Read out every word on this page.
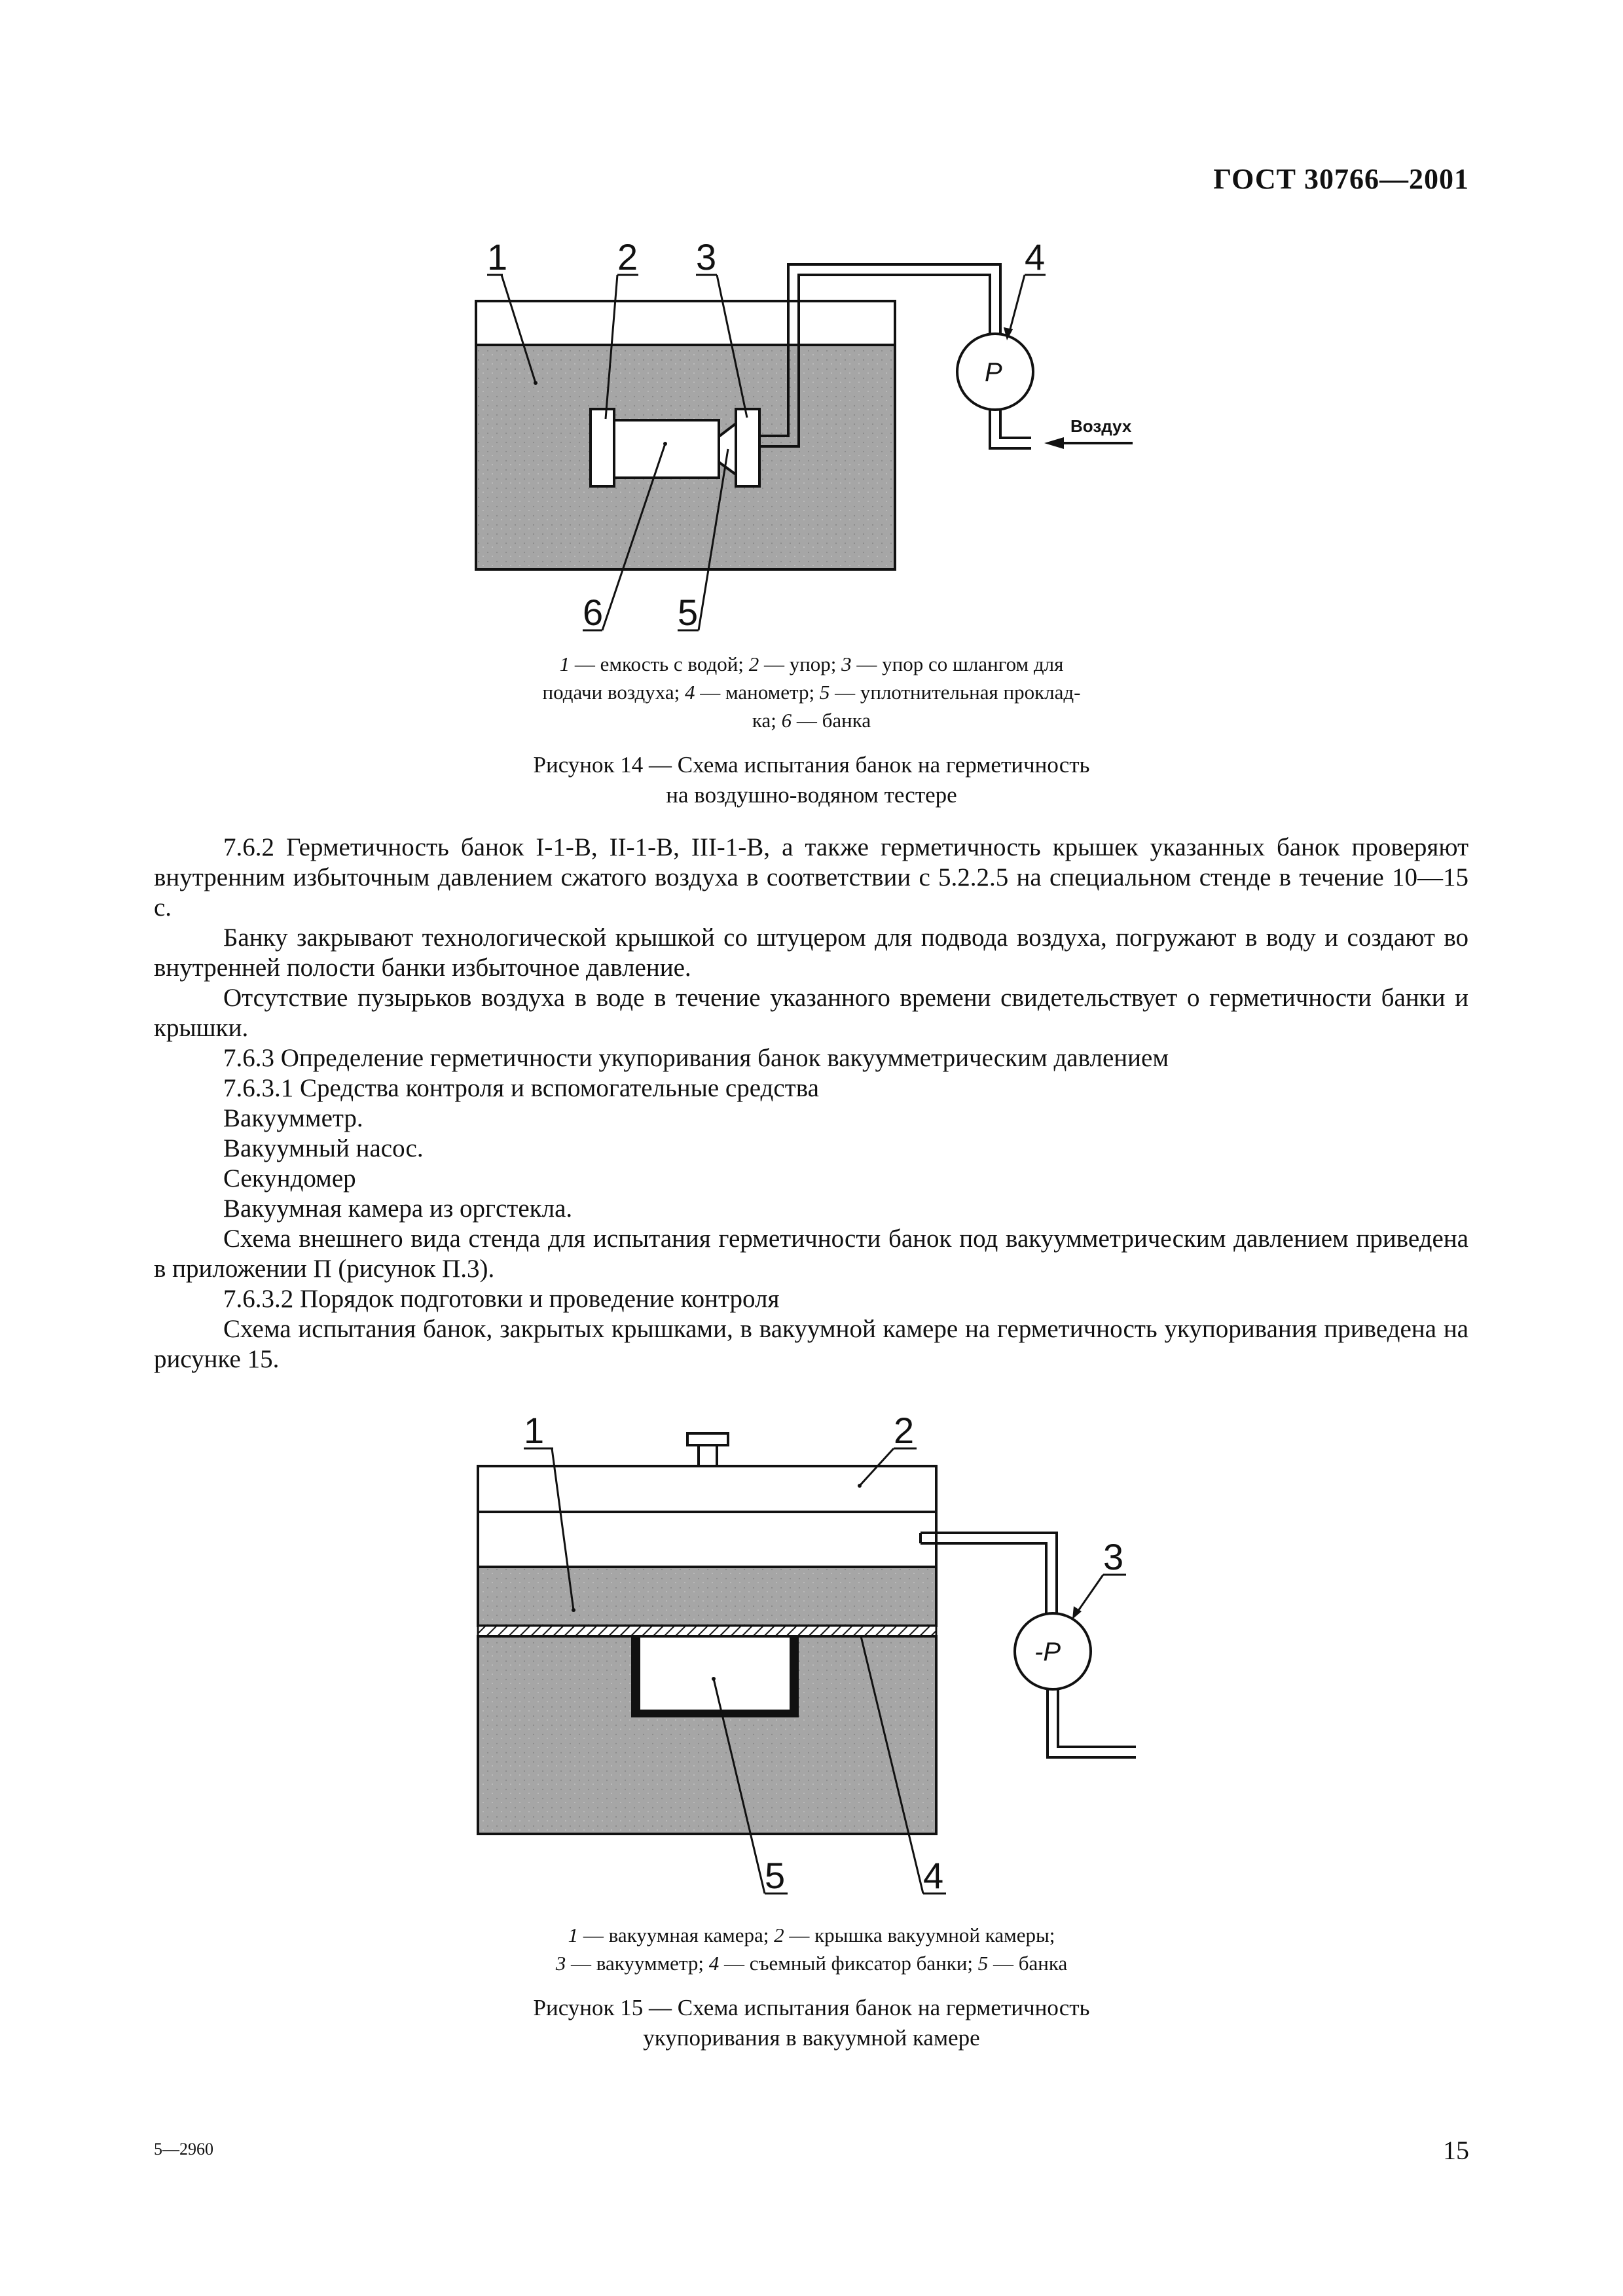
ГОСТ 30766—2001
P
Воздух
1	2 3	4
5
6
1 — емкость с водой; 2 — упор; 3 — упор со шлангом для
подачи воздуха; 4 — манометр; 5 — уплотнительная проклад-
ка; 6 — банка
Рисунок 14 — Схема испытания банок на герметичность
на воздушно-водяном тестере

7.6.2 Герметичность банок I-1-В, II-1-В, III-1-В, а также герметичность крышек указанных банок проверяют внутренним избыточным давлением сжатого воздуха в соответствии с 5.2.2.5 на специальном стенде в течение 10—15 с.

Банку закрывают технологической крышкой со штуцером для подвода воздуха, погружают в воду и создают во внутренней полости банки избыточное давление.

Отсутствие пузырьков воздуха в воде в течение указанного времени свидетельствует о герметичности банки и крышки.

7.6.3 Определение герметичности укупоривания банок вакуумметрическим давлением

7.6.3.1 Средства контроля и вспомогательные средства

Вакуумметр.

Вакуумный насос.

Секундомер

Вакуумная камера из оргстекла.

Схема внешнего вида стенда для испытания герметичности банок под вакуумметрическим давлением приведена в приложении П (рисунок П.3).

7.6.3.2 Порядок подготовки и проведение контроля

Схема испытания банок, закрытых крышками, в вакуумной камере на герметичность укупоривания приведена на рисунке 15.

-P
1	2
3
4
5
1 — вакуумная камера; 2 — крышка вакуумной камеры;
3 — вакуумметр; 4 — съемный фиксатор банки; 5 — банка
Рисунок 15 — Схема испытания банок на герметичность
укупоривания в вакуумной камере
5—2960	15
